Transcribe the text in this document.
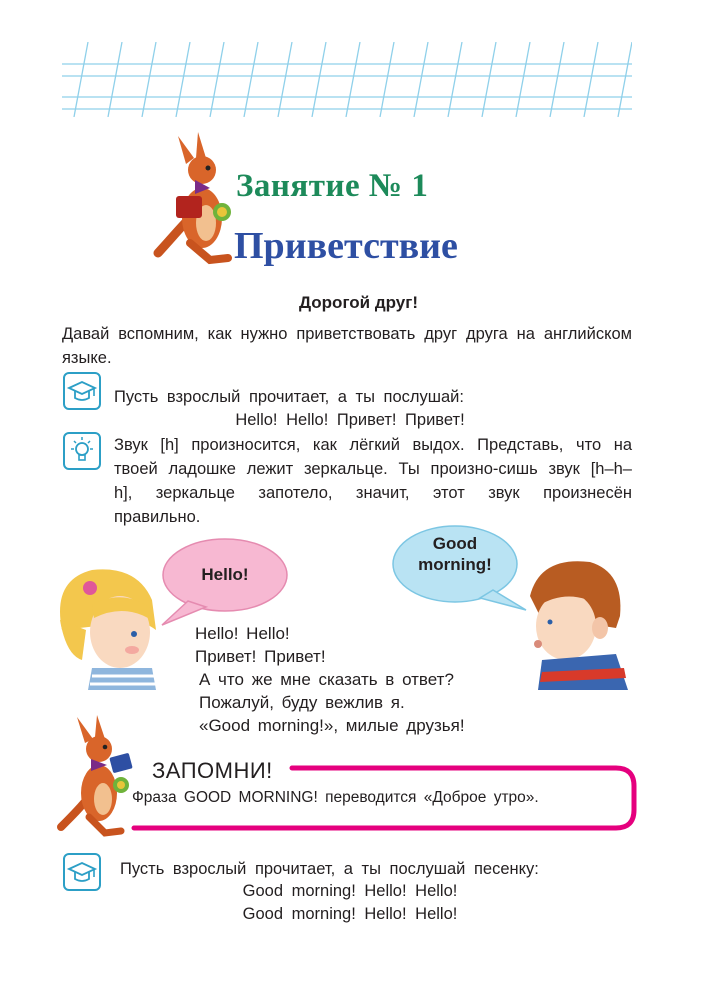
Занятие № 1
Приветствие
Дорогой друг!
Давай вспомним, как нужно приветствовать друг друга на английском языке.
Пусть взрослый прочитает, а ты послушай:
Hello! Hello! Привет! Привет!
Звук [h] произносится, как лёгкий выдох. Представь, что на твоей ладошке лежит зеркальце. Ты произно-сишь звук [h–h–h], зеркальце запотело, значит, этот звук произнесён правильно.
Hello!
Good
morning!
Hello! Hello!
Привет! Привет!
А что же мне сказать в ответ?
Пожалуй, буду вежлив я.
«Good morning!», милые друзья!
ЗАПОМНИ!
Фраза GOOD MORNING! переводится «Доброе утро».
Пусть взрослый прочитает, а ты послушай песенку:
Good morning! Hello! Hello!
Good morning! Hello! Hello!
